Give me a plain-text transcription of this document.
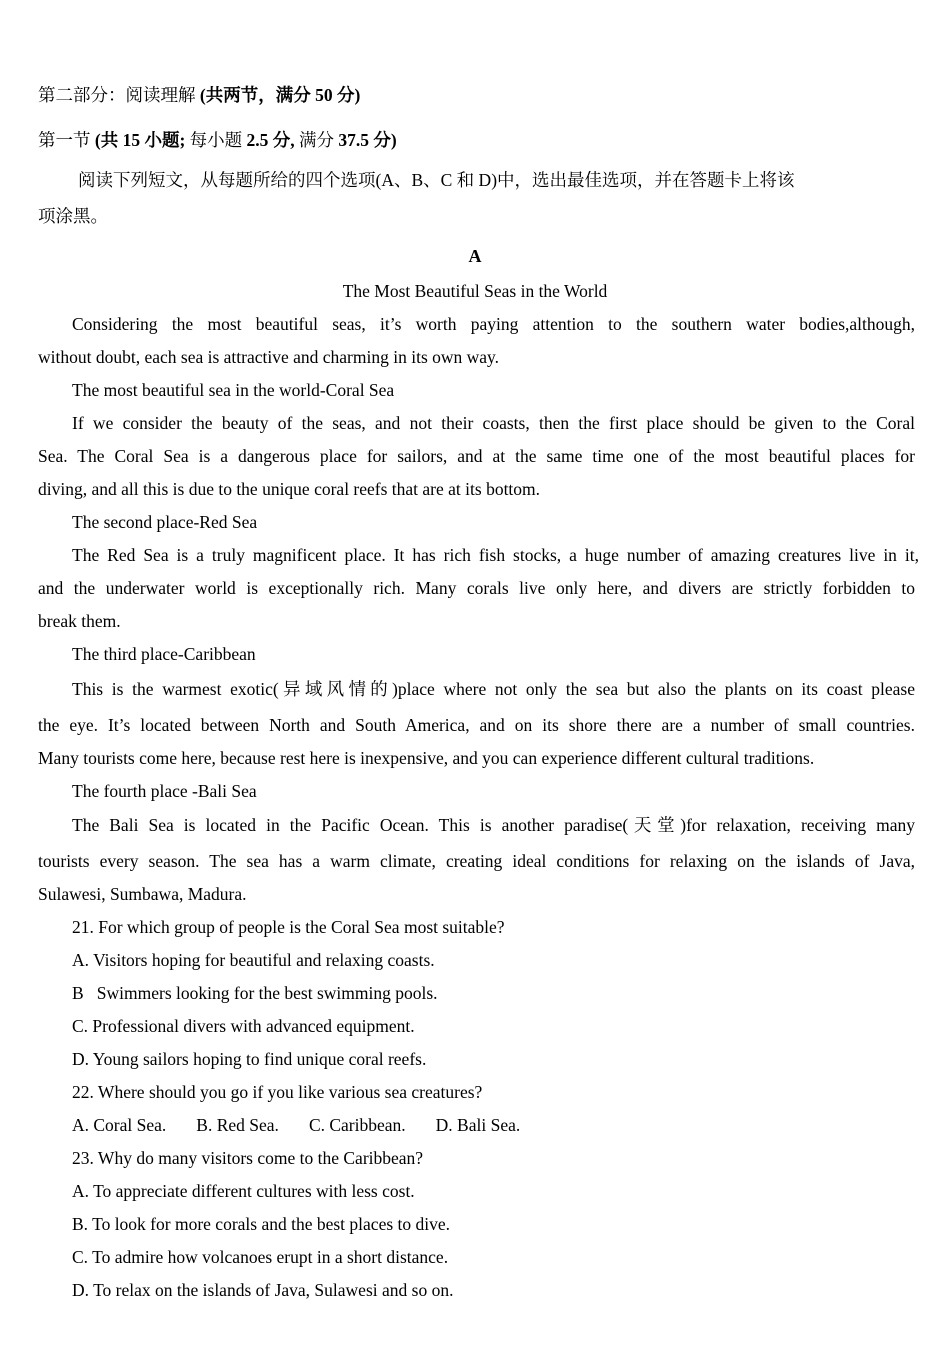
第二部分：阅读理解 (共两节，满分 50 分)
第一节 (共 15 小题; 每小题 2.5 分, 满分 37.5 分)
阅读下列短文，从每题所给的四个选项(A、B、C 和 D)中，选出最佳选项，并在答题卡上将该
项涂黑。
A
The Most Beautiful Seas in the World
Considering the most beautiful seas, it’s worth paying attention to the southern water bodies,although,
without doubt, each sea is attractive and charming in its own way.
The most beautiful sea in the world-Coral Sea
If we consider the beauty of the seas, and not their coasts, then the first place should be given to the Coral
Sea. The Coral Sea is a dangerous place for sailors, and at the same time one of the most beautiful places for
diving, and all this is due to the unique coral reefs that are at its bottom.
The second place-Red Sea
The Red Sea is a truly magnificent place. It has rich fish stocks, a huge number of amazing creatures live in it,
and the underwater world is exceptionally rich. Many corals live only here, and divers are strictly forbidden to
break them.
The third place-Caribbean
This is the warmest exotic(异域风情的)place where not only the sea but also the plants on its coast please
the eye. It’s located between North and South America, and on its shore there are a number of small countries.
Many tourists come here, because rest here is inexpensive, and you can experience different cultural traditions.
The fourth place -Bali Sea
The Bali Sea is located in the Pacific Ocean. This is another paradise(天堂)for relaxation, receiving many
tourists every season. The sea has a warm climate, creating ideal conditions for relaxing on the islands of Java,
Sulawesi, Sumbawa, Madura.
21. For which group of people is the Coral Sea most suitable?
A. Visitors hoping for beautiful and relaxing coasts.
B   Swimmers looking for the best swimming pools.
C. Professional divers with advanced equipment.
D. Young sailors hoping to find unique coral reefs.
22. Where should you go if you like various sea creatures?
A. Coral Sea. B. Red Sea. C. Caribbean. D. Bali Sea.
23. Why do many visitors come to the Caribbean?
A. To appreciate different cultures with less cost.
B. To look for more corals and the best places to dive.
C. To admire how volcanoes erupt in a short distance.
D. To relax on the islands of Java, Sulawesi and so on.
